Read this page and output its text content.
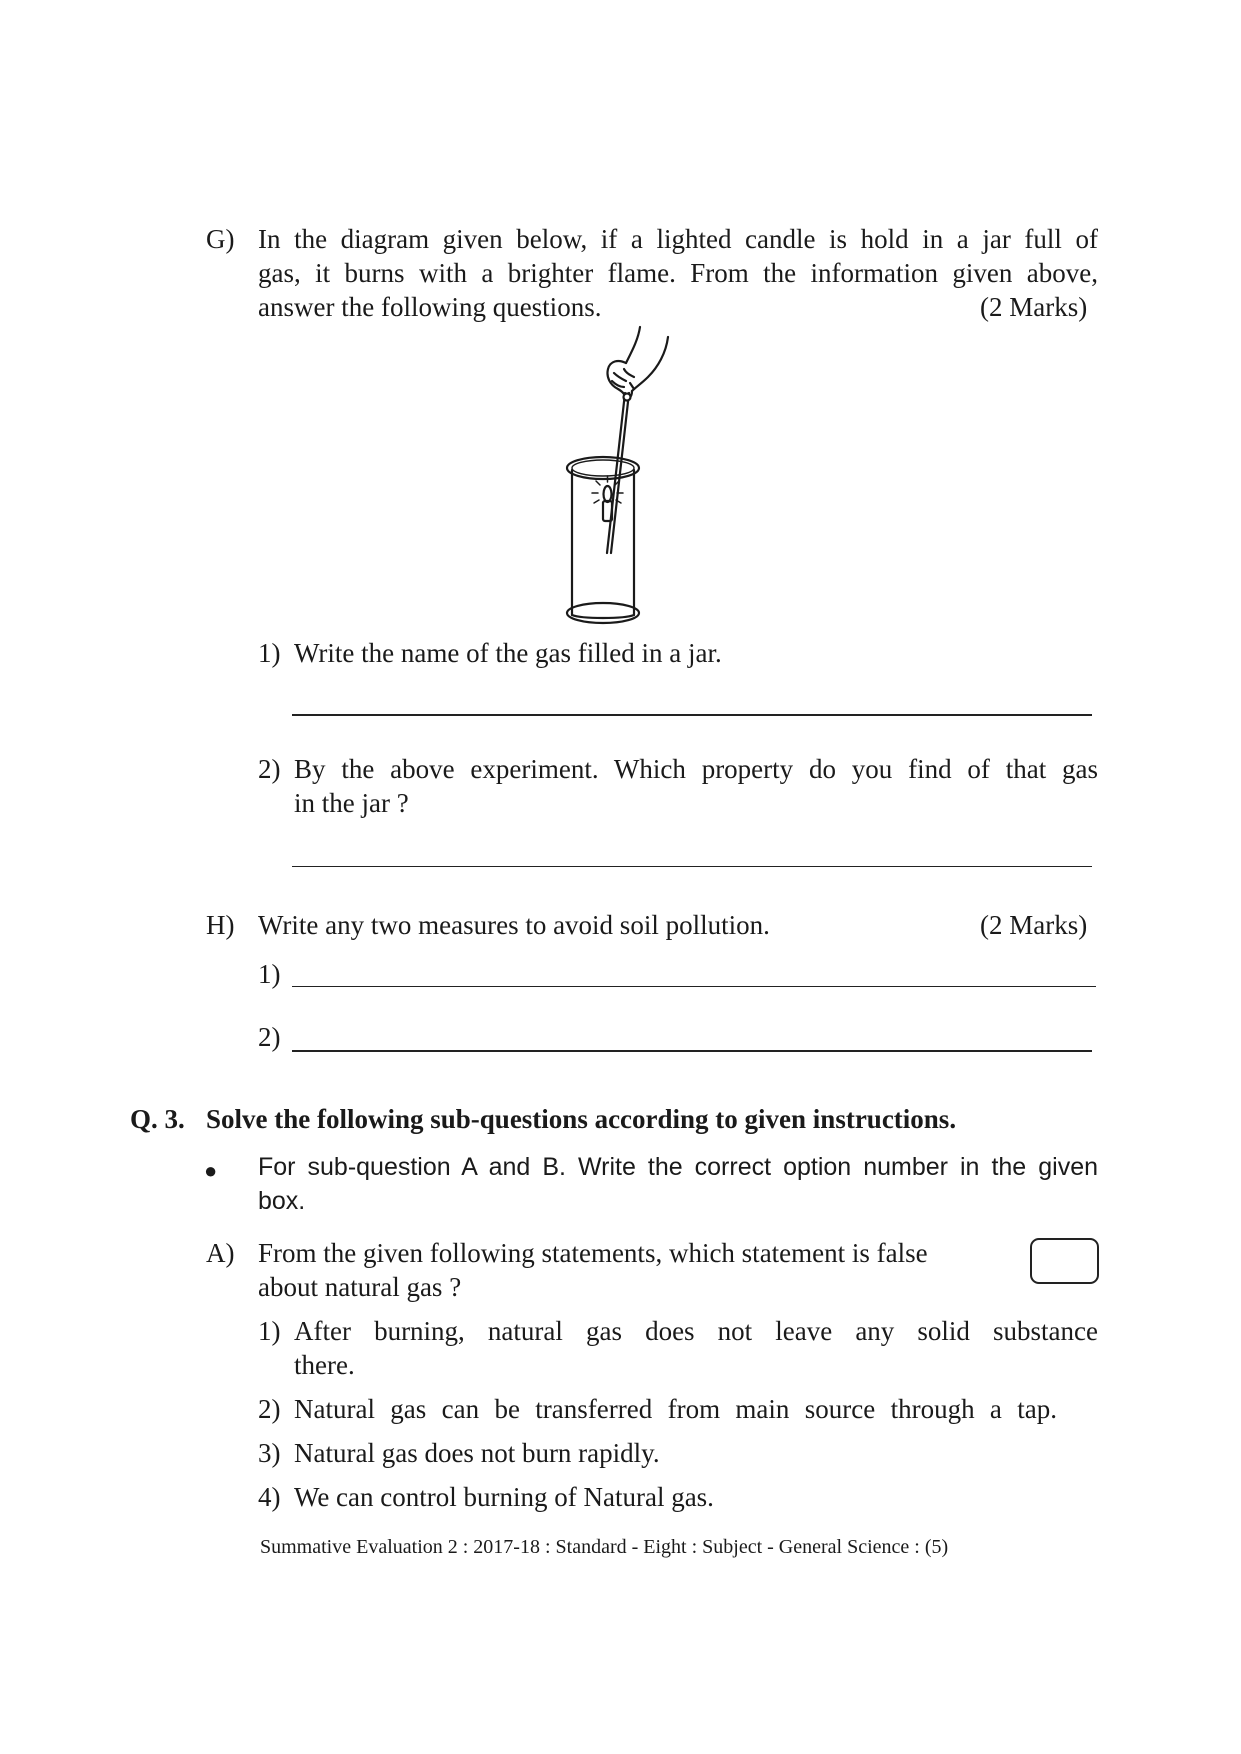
G) In the diagram given below, if a lighted candle is hold in a jar full of
gas, it burns with a brighter flame. From the information given above,
answer the following questions.	(2 Marks)
1) Write the name of the gas filled in a jar.
2) By the above experiment. Which property do you find of that gas
in the jar ?
H) Write any two measures to avoid soil pollution.	(2 Marks)
1)
2)
Q. 3. Solve the following sub-questions according to given instructions.
● For sub-question A and B. Write the correct option number in the given
box.
A) From the given following statements, which statement is false
about natural gas ?
1) After burning, natural gas does not leave any solid substance
there.
2) Natural gas can be transferred from main source through a tap.
3) Natural gas does not burn rapidly.
4) We can control burning of Natural gas.
Summative Evaluation 2 : 2017-18 : Standard - Eight : Subject - General Science : (5)
